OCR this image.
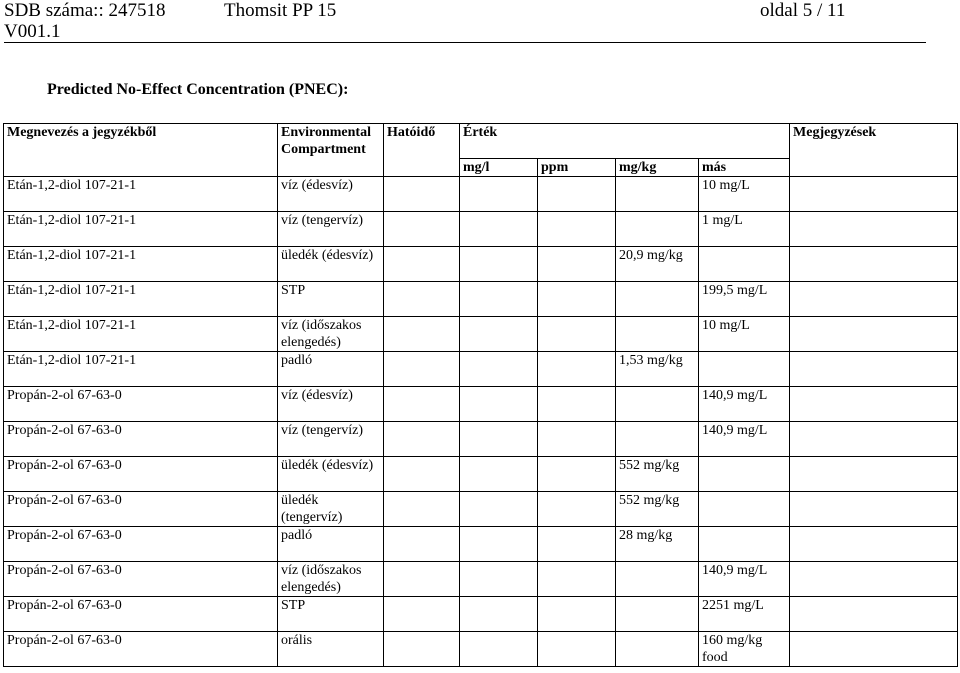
SDB száma:: 247518	Thomsit PP 15	oldal 5 / 11
V001.1
Predicted No-Effect Concentration (PNEC):
Megnevezés a jegyzékből	Environmental Compartment	Hatóidő	Érték				Megjegyzések
			mg/l	ppm	mg/kg	más	
Etán-1,2-diol 107-21-1	víz (édesvíz)					10 mg/L	
Etán-1,2-diol 107-21-1	víz (tengervíz)					1 mg/L	
Etán-1,2-diol 107-21-1	üledék (édesvíz)				20,9 mg/kg		
Etán-1,2-diol 107-21-1	STP					199,5 mg/L	
Etán-1,2-diol 107-21-1	víz (időszakos elengedés)					10 mg/L	
Etán-1,2-diol 107-21-1	padló				1,53 mg/kg		
Propán-2-ol 67-63-0	víz (édesvíz)					140,9 mg/L	
Propán-2-ol 67-63-0	víz (tengervíz)					140,9 mg/L	
Propán-2-ol 67-63-0	üledék (édesvíz)				552 mg/kg		
Propán-2-ol 67-63-0	üledék (tengervíz)				552 mg/kg		
Propán-2-ol 67-63-0	padló				28 mg/kg		
Propán-2-ol 67-63-0	víz (időszakos elengedés)					140,9 mg/L	
Propán-2-ol 67-63-0	STP					2251 mg/L	
Propán-2-ol 67-63-0	orális					160 mg/kg food	
